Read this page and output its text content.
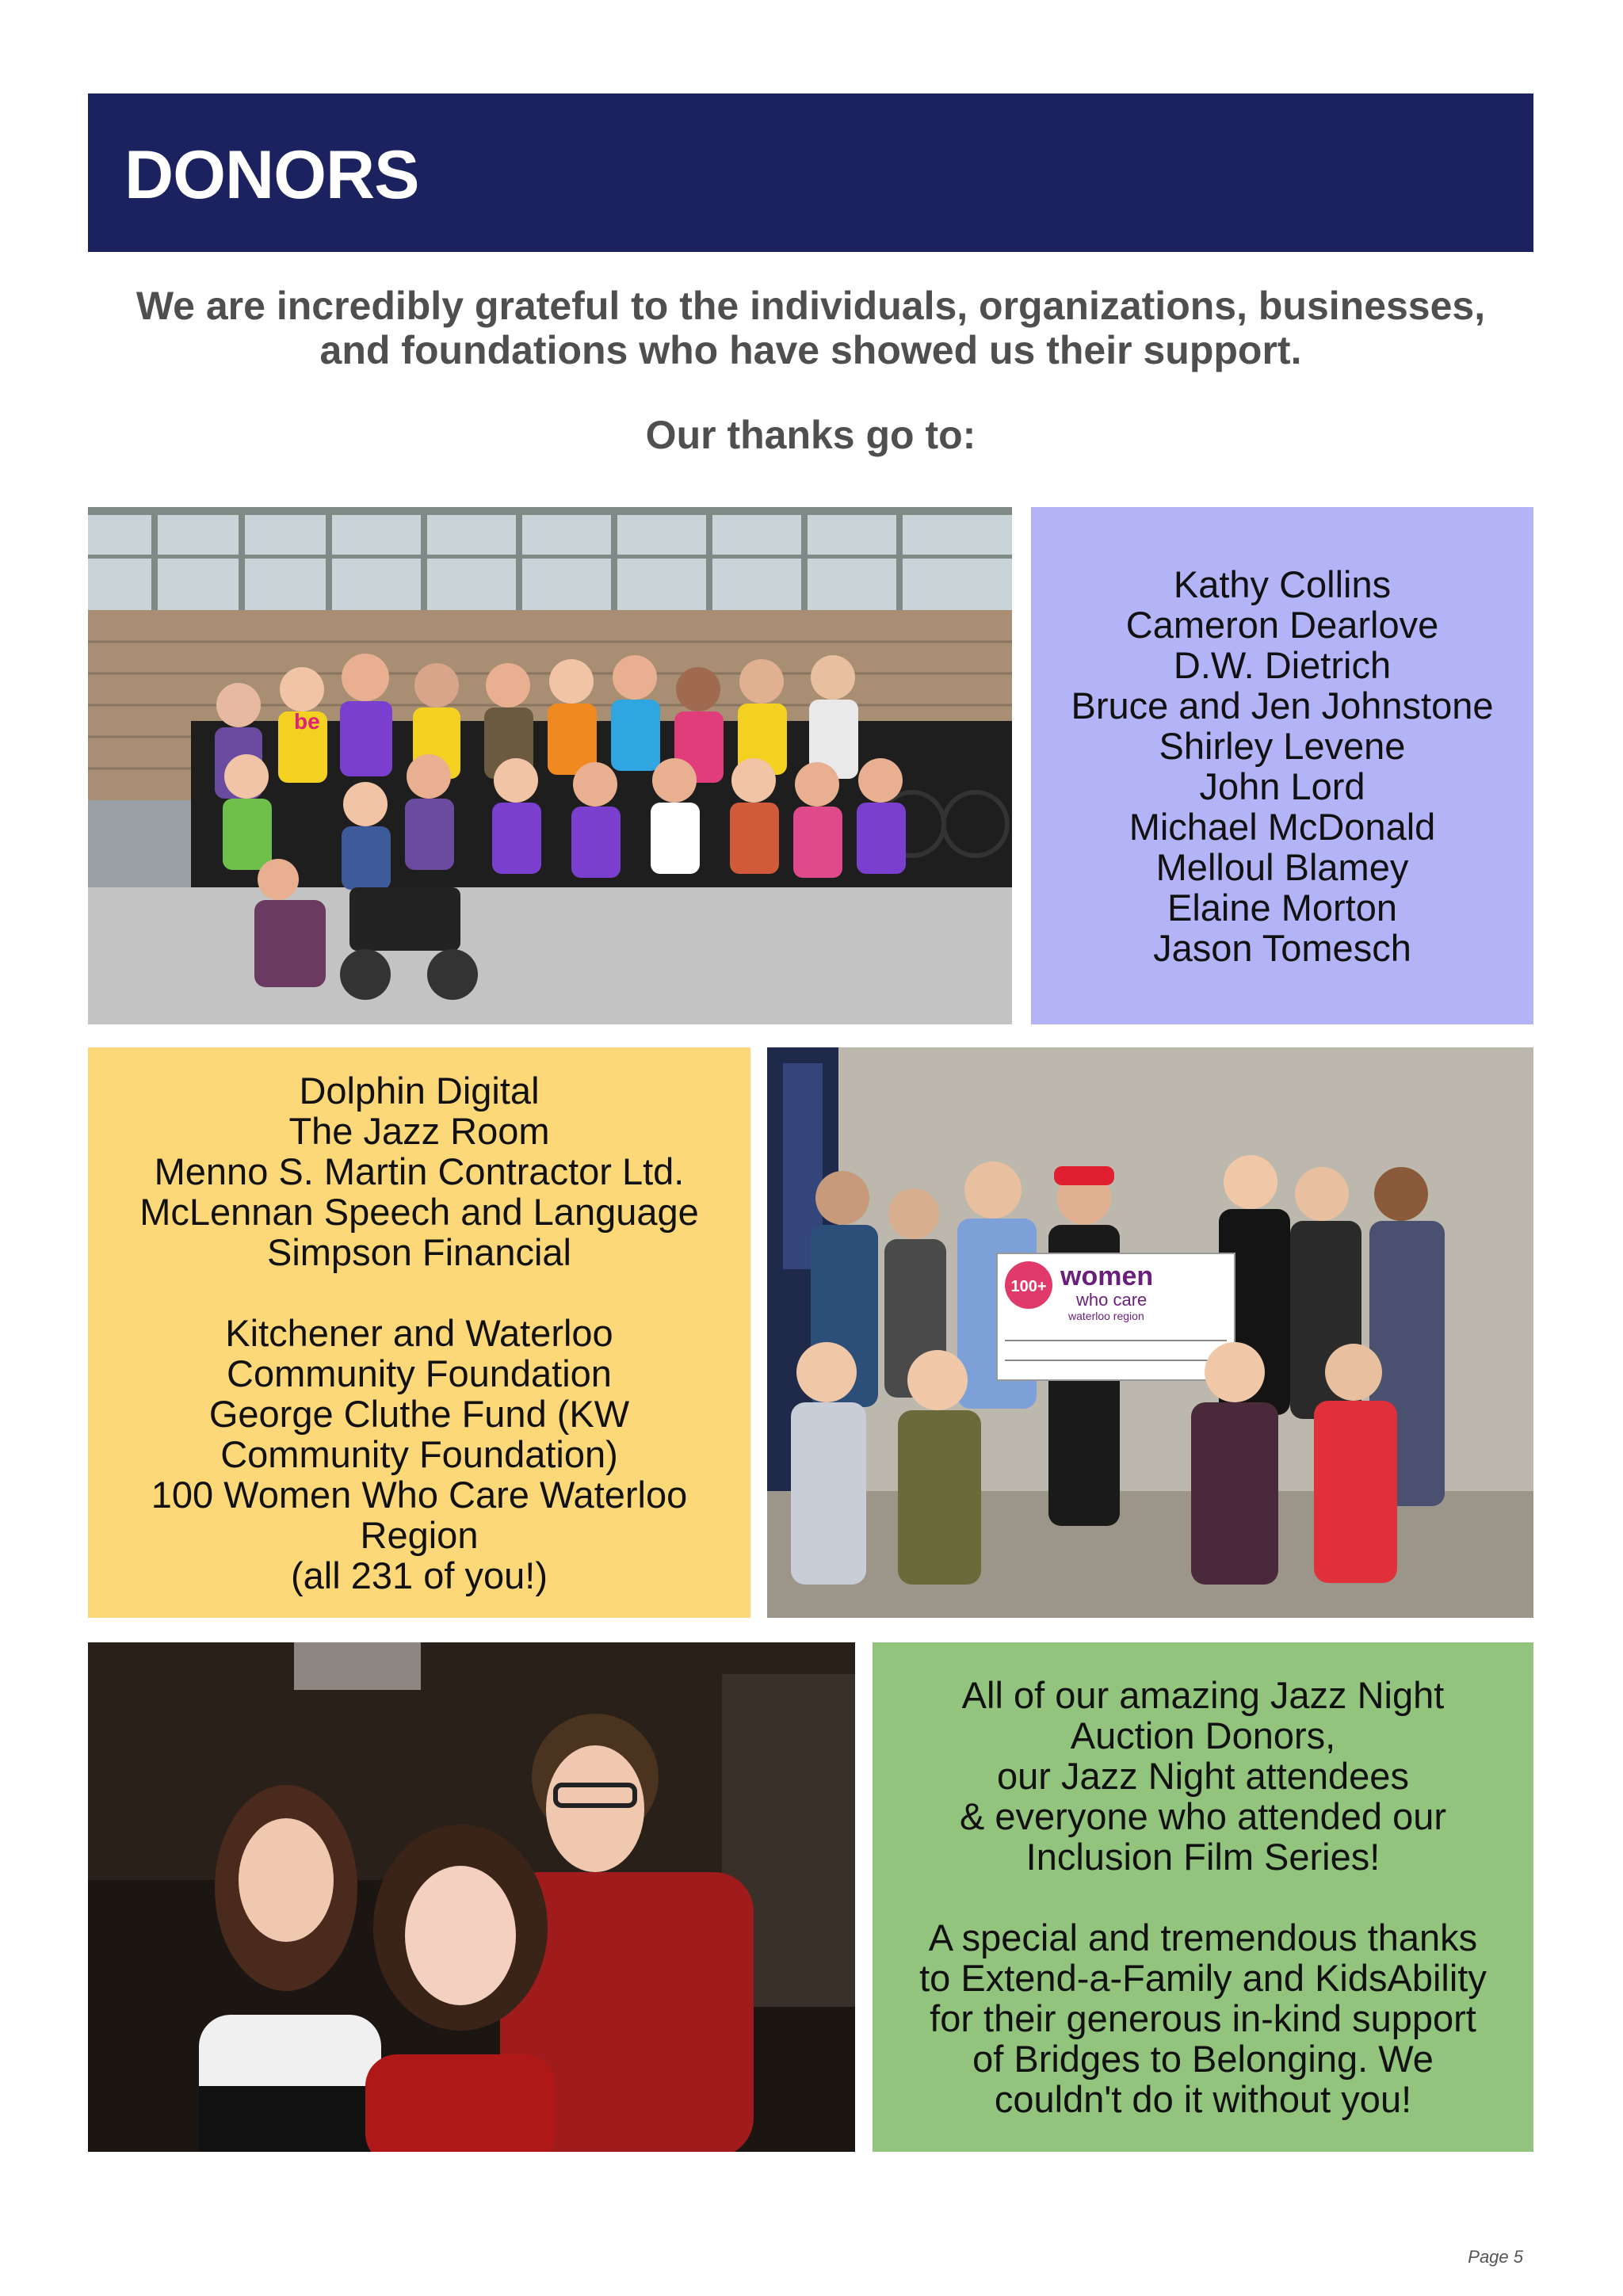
DONORS

We are incredibly grateful to the individuals, organizations, businesses,
and foundations who have showed us their support.

Our thanks go to:

be
Kathy Collins
Cameron Dearlove
D.W. Dietrich
Bruce and Jen Johnstone
Shirley Levene
John Lord
Michael McDonald
Melloul Blamey
Elaine Morton
Jason Tomesch
Dolphin Digital
The Jazz Room
Menno S. Martin Contractor Ltd.
McLennan Speech and Language
Simpson Financial
Kitchener and Waterloo
Community Foundation
George Cluthe Fund (KW
Community Foundation)
100 Women Who Care Waterloo
Region
(all 231 of you!)
100+ women
who care
waterloo region
All of our amazing Jazz Night
Auction Donors,
our Jazz Night attendees
& everyone who attended our
Inclusion Film Series!
A special and tremendous thanks
to Extend-a-Family and KidsAbility
for their generous in-kind support
of Bridges to Belonging. We
couldn't do it without you!
Page 5
